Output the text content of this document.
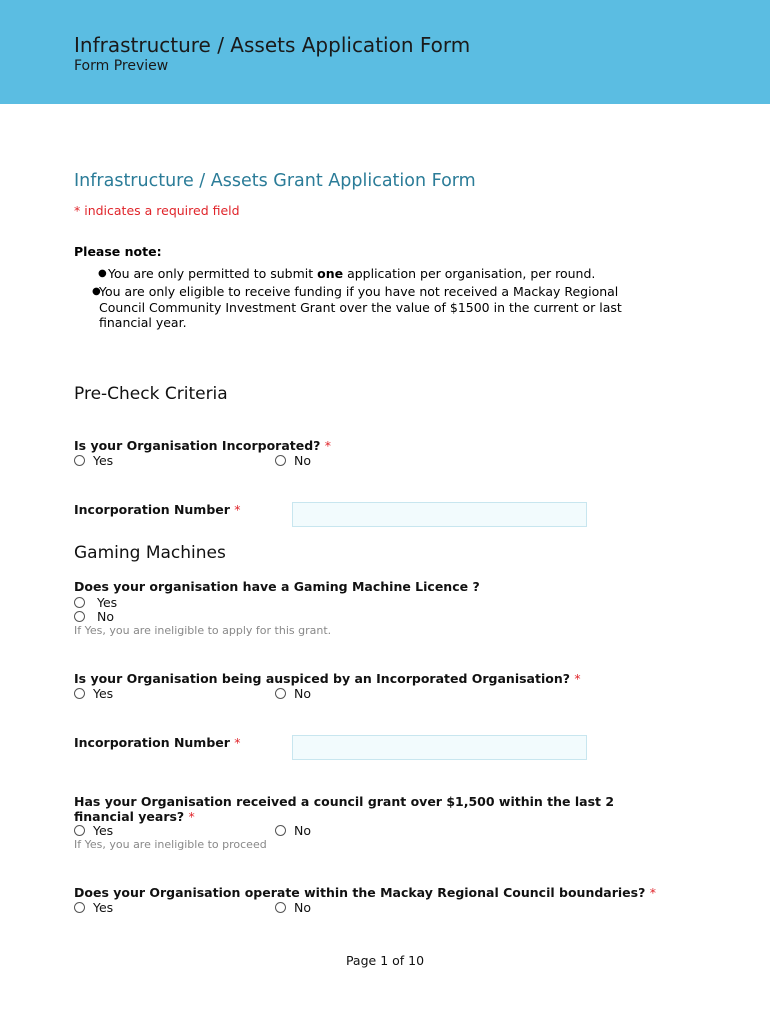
Infrastructure / Assets Application Form
Form Preview
Infrastructure / Assets Grant Application Form
* indicates a required field
Please note:
● You are only permitted to submit one application per organisation, per round.
●
You are only eligible to receive funding if you have not received a Mackay Regional Council Community Investment Grant over the value of $1500 in the current or last financial year.
Pre-Check Criteria
Is your Organisation Incorporated? *
Yes	No
Incorporation Number *
Gaming Machines
Does your organisation have a Gaming Machine Licence ?
Yes
No
If Yes, you are ineligible to apply for this grant.
Is your Organisation being auspiced by an Incorporated Organisation? *
Yes	No
Incorporation Number *
Has your Organisation received a council grant over $1,500 within the last 2
financial years? *
Yes	No
If Yes, you are ineligible to proceed
Does your Organisation operate within the Mackay Regional Council boundaries? *
Yes	No
Page 1 of 10
